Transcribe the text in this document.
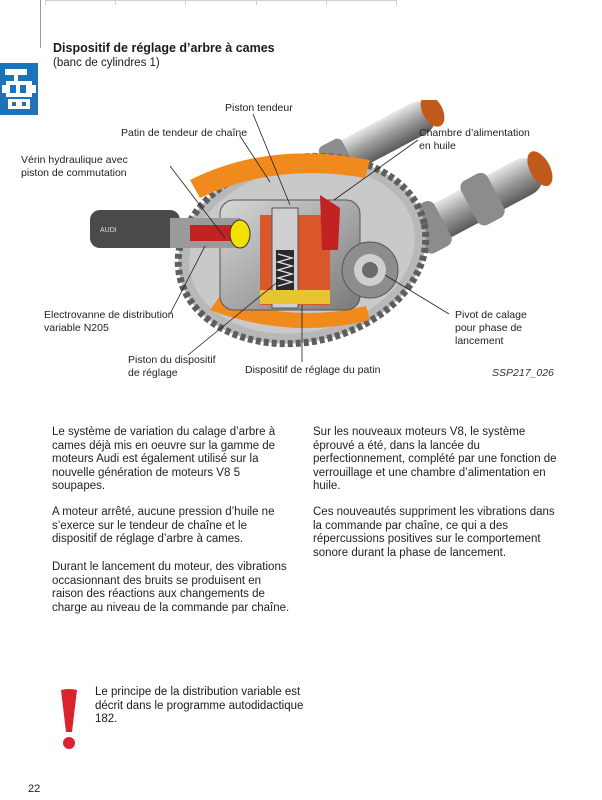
Dispositif de réglage d’arbre à cames
(banc de cylindres 1)
AUDI
Piston tendeur
Patin de tendeur de chaîne	Chambre d’alimentation
en huile
Vérin hydraulique avec
piston de commutation
Electrovanne de distribution
variable N205
Pivot de calage
pour phase de
lancement
Piston du dispositif
de réglage	Dispositif de réglage du patin	SSP217_026
Le système de variation du calage d’arbre à cames déjà mis en oeuvre sur la gamme de moteurs Audi est également utilisé sur la nouvelle génération de moteurs V8 5 soupapes.
A moteur arrêté, aucune pression d’huile ne s’exerce sur le tendeur de chaîne et le dispositif de réglage d’arbre à cames.
Durant le lancement du moteur, des vibrations occasionnant des bruits se produisent en raison des réactions aux changements de charge au niveau de la commande par chaîne.
Sur les nouveaux moteurs V8, le système éprouvé a été, dans la lancée du perfectionnement, complété par une fonction de verrouillage et une chambre d’alimentation en huile.
Ces nouveautés suppriment les vibrations dans la commande par chaîne, ce qui a des répercussions positives sur le comportement sonore durant la phase de lancement.
Le principe de la distribution variable est décrit dans le programme autodidactique 182.
22
